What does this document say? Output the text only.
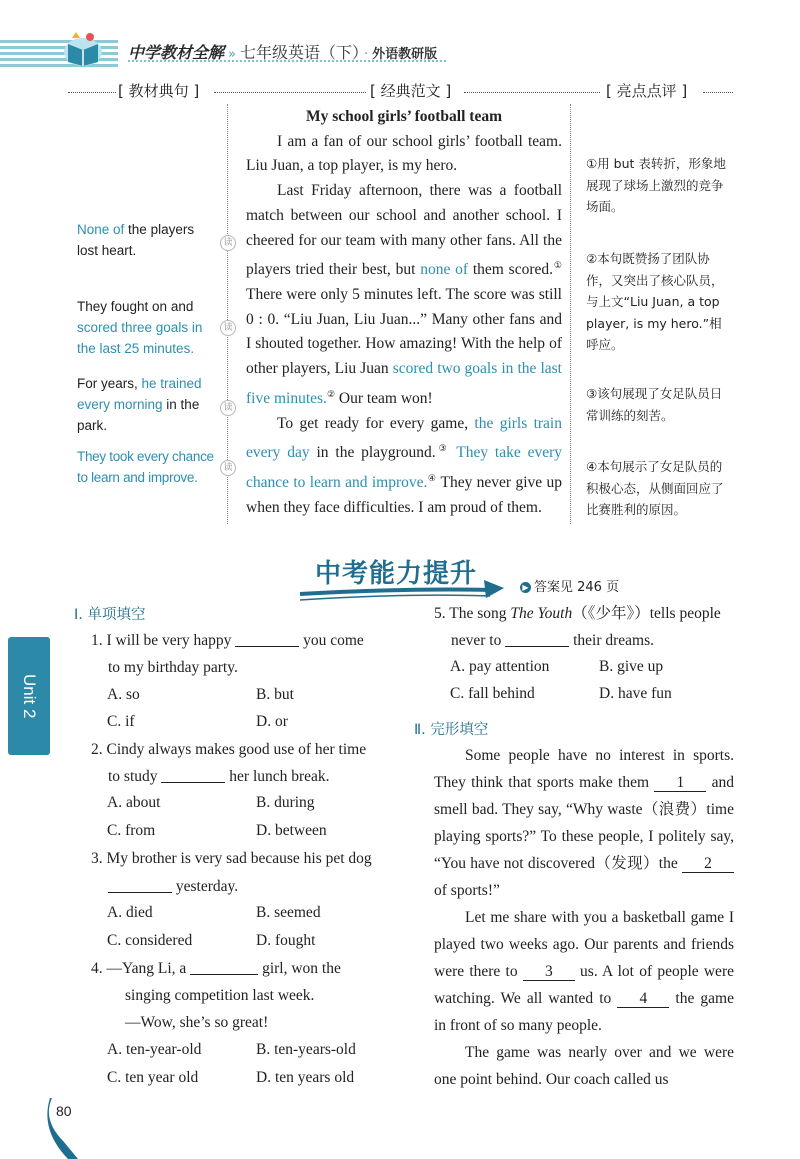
中学教材全解 » 七年级英语（下） · 外语教研版
[ 教材典句 ]	[ 经典范文 ]	[ 亮点点评 ]
None of the players lost heart.
They fought on and scored three goals in the last 25 minutes.
For years, he trained every morning in the park.
They took every chance to learn and improve.
读
读
读
读
My school girls’ football team

I am a fan of our school girls’ football team. Liu Juan, a top player, is my hero.

Last Friday afternoon, there was a football match between our school and another school. I cheered for our team with many other fans. All the players tried their best, but none of them scored.① There were only 5 minutes left. The score was still 0 : 0. “Liu Juan, Liu Juan...” Many other fans and I shouted together. How amazing! With the help of other players, Liu Juan scored two goals in the last five minutes.② Our team won!

To get ready for every game, the girls train every day in the playground.③ They take every chance to learn and improve.④ They never give up when they face difficulties. I am proud of them.

①用 but 表转折，形象地展现了球场上激烈的竞争场面。
②本句既赞扬了团队协作，又突出了核心队员，与上文“Liu Juan, a top player, is my hero.”相呼应。
③该句展现了女足队员日常训练的刻苦。
④本句展示了女足队员的积极心态，从侧面回应了比赛胜利的原因。
中考能力提升	▶ 答案见 246 页
Ⅰ. 单项填空
1. I will be very happy	you come
to my birthday party.
A. so	B. but
C. if	D. or
2. Cindy always makes good use of her time
to study	her lunch break.
A. about	B. during
C. from	D. between
3. My brother is very sad because his pet dog
yesterday.
A. died	B. seemed
C. considered	D. fought
4. —Yang Li, a	girl, won the
singing competition last week.
—Wow, she’s so great!
A. ten-year-old	B. ten-years-old
C. ten year old	D. ten years old
5. The song The Youth（《少年》）tells people
never to	their dreams.
A. pay attention	B. give up
C. fall behind	D. have fun
Ⅱ. 完形填空

Some people have no interest in sports. They think that sports make them 1 and smell bad. They say, “Why waste（浪费）time playing sports?” To these people, I politely say, “You have not discovered（发现）the 2 of sports!”

Let me share with you a basketball game I played two weeks ago. Our parents and friends were there to 3 us. A lot of people were watching. We all wanted to 4 the game in front of so many people.

The game was nearly over and we were one point behind. Our coach called us

Unit 2
80
